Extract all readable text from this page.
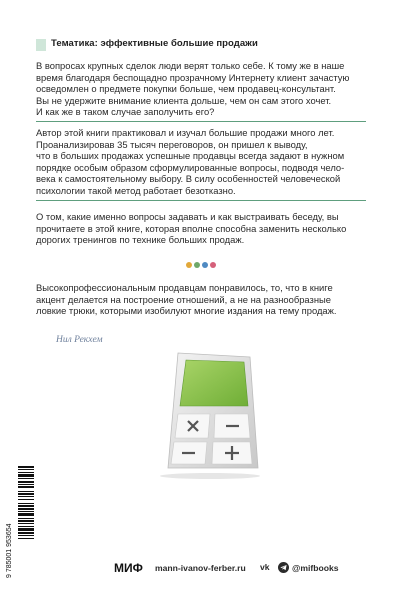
Тематика: эффективные большие продажи
В вопросах крупных сделок люди верят только себе. К тому же в наше
время благодаря беспощадно прозрачному Интернету клиент зачастую
осведомлен о предмете покупки больше, чем продавец-консультант.
Вы не удержите внимание клиента дольше, чем он сам этого хочет.
И как же в таком случае заполучить его?
Автор этой книги практиковал и изучал большие продажи много лет.
Проанализировав 35 тысяч переговоров, он пришел к выводу,
что в больших продажах успешные продавцы всегда задают в нужном
порядке особым образом сформулированные вопросы, подводя чело-
века к самостоятельному выбору. В силу особенностей человеческой
психологии такой метод работает безотказно.
О том, какие именно вопросы задавать и как выстраивать беседу, вы
прочитаете в этой книге, которая вполне способна заменить несколько
дорогих тренингов по технике больших продаж.
Высокопрофессиональным продавцам понравилось, то, что в книге
акцент делается на построение отношений, а не на разнообразные
ловкие трюки, которыми изобилуют многие издания на тему продаж.
Нил Рекхем
9 785001 953654	МИФ mann-ivanov-ferber.ru vk	@mifbooks
